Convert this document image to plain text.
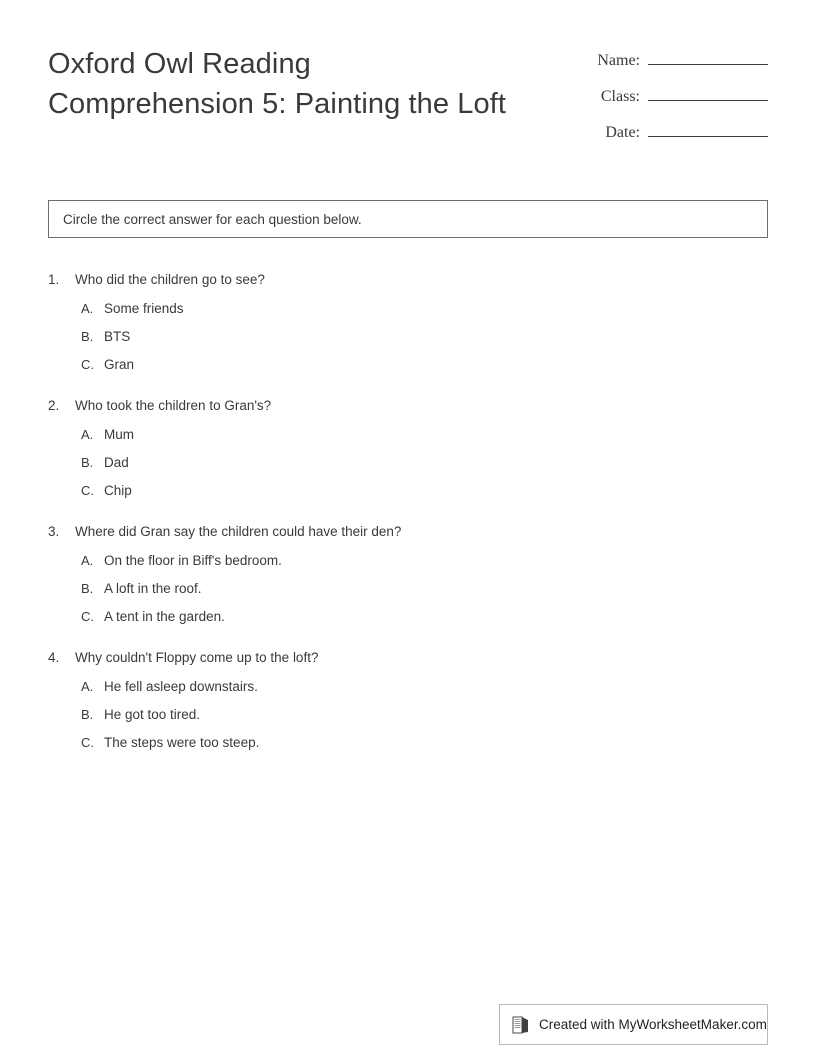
Oxford Owl Reading Comprehension 5: Painting the Loft
Name:
Class:
Date:
Circle the correct answer for each question below.
1.	Who did the children go to see?
A. Some friends
B. BTS
C. Gran
2.	Who took the children to Gran's?
A. Mum
B. Dad
C. Chip
3.	Where did Gran say the children could have their den?
A. On the floor in Biff's bedroom.
B. A loft in the roof.
C. A tent in the garden.
4.	Why couldn't Floppy come up to the loft?
A. He fell asleep downstairs.
B. He got too tired.
C. The steps were too steep.
Created with MyWorksheetMaker.com
